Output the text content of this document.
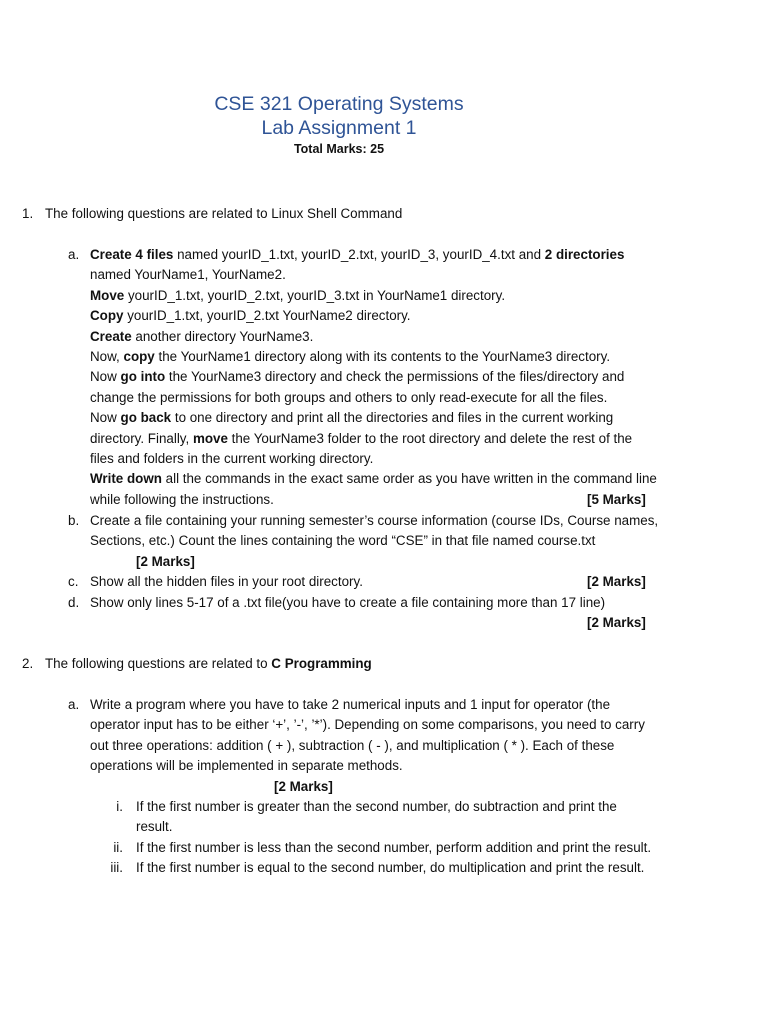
CSE 321 Operating Systems
Lab Assignment 1
Total Marks: 25
1. The following questions are related to Linux Shell Command
a. Create 4 files named yourID_1.txt, yourID_2.txt, yourID_3, yourID_4.txt and 2 directories
named YourName1, YourName2.
Move yourID_1.txt, yourID_2.txt, yourID_3.txt in YourName1 directory.
Copy yourID_1.txt, yourID_2.txt YourName2 directory.
Create another directory YourName3.
Now, copy the YourName1 directory along with its contents to the YourName3 directory.
Now go into the YourName3 directory and check the permissions of the files/directory and
change the permissions for both groups and others to only read-execute for all the files.
Now go back to one directory and print all the directories and files in the current working
directory. Finally, move the YourName3 folder to the root directory and delete the rest of the
files and folders in the current working directory.
Write down all the commands in the exact same order as you have written in the command line
while following the instructions.	[5 Marks]
b. Create a file containing your running semester’s course information (course IDs, Course names,
Sections, etc.) Count the lines containing the word “CSE” in that file named course.txt
[2 Marks]
c. Show all the hidden files in your root directory.	[2 Marks]
d. Show only lines 5-17 of a .txt file(you have to create a file containing more than 17 line)
[2 Marks]
2. The following questions are related to C Programming
a. Write a program where you have to take 2 numerical inputs and 1 input for operator (the
operator input has to be either ‘+’, ’-’, ’*’). Depending on some comparisons, you need to carry
out three operations: addition ( + ), subtraction ( - ), and multiplication ( * ). Each of these
operations will be implemented in separate methods.
[2 Marks]
i. If the first number is greater than the second number, do subtraction and print the
result.
ii. If the first number is less than the second number, perform addition and print the result.
iii. If the first number is equal to the second number, do multiplication and print the result.
